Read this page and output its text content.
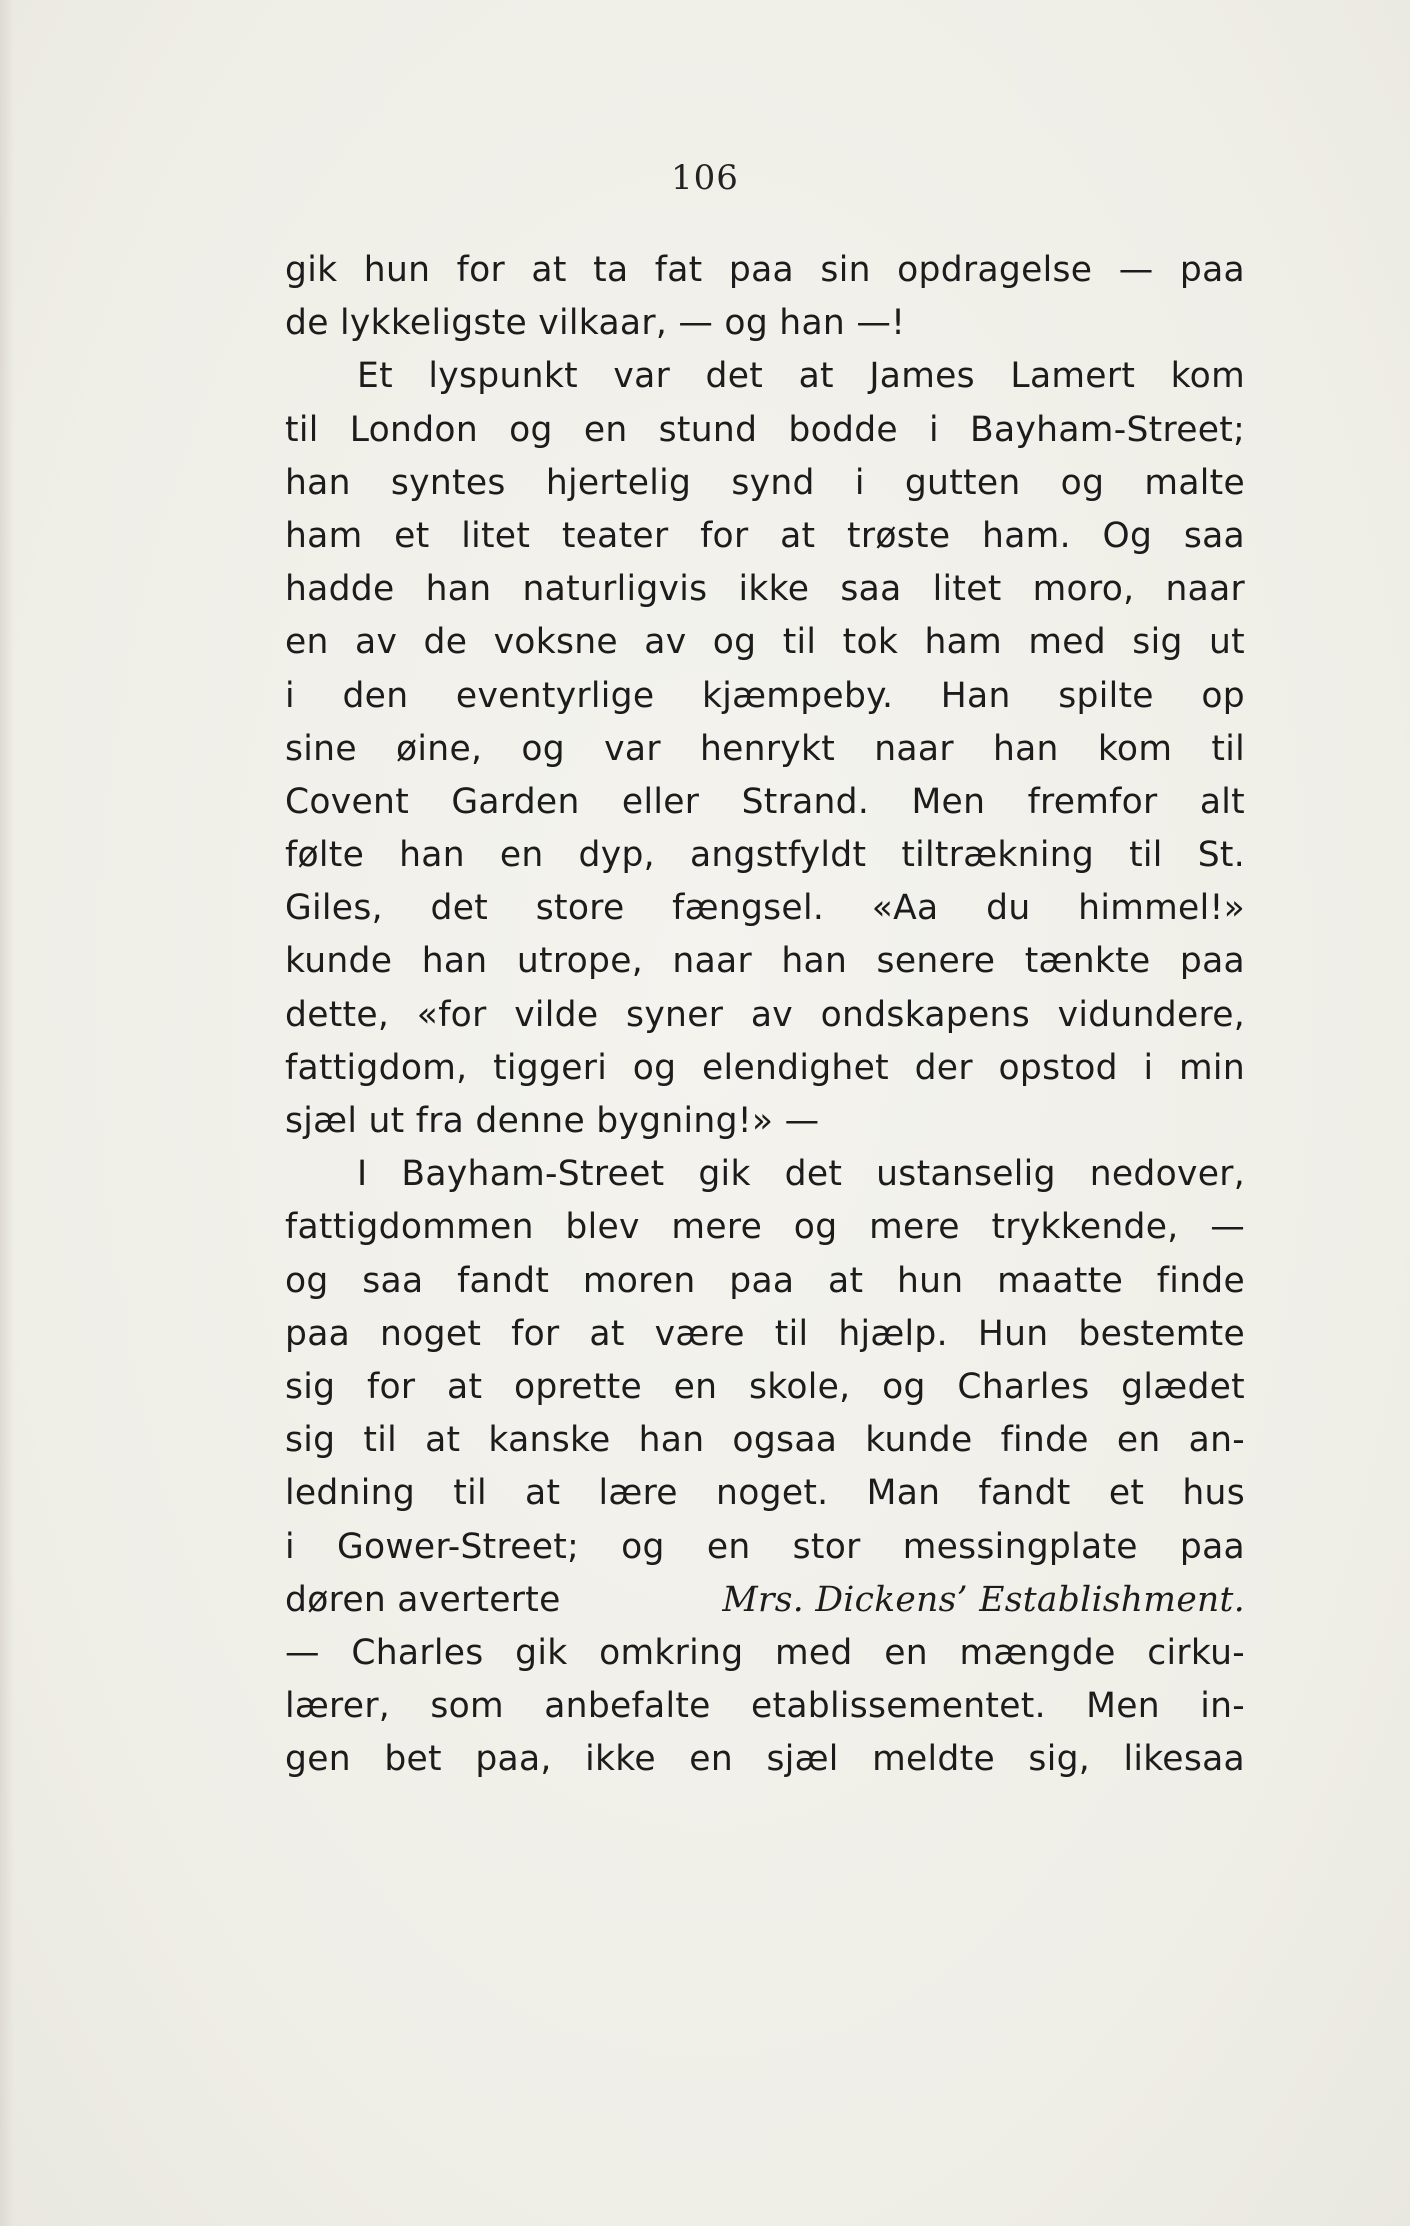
106
gik hun for at ta fat paa sin opdragelse — paa
de lykkeligste vilkaar, — og han —!
Et lyspunkt var det at James Lamert kom
til London og en stund bodde i Bayham-Street;
han syntes hjertelig synd i gutten og malte
ham et litet teater for at trøste ham. Og saa
hadde han naturligvis ikke saa litet moro, naar
en av de voksne av og til tok ham med sig ut
i den eventyrlige kjæmpeby. Han spilte op
sine øine, og var henrykt naar han kom til
Covent Garden eller Strand. Men fremfor alt
følte han en dyp, angstfyldt tiltrækning til St.
Giles, det store fængsel. «Aa du himmel!»
kunde han utrope, naar han senere tænkte paa
dette, «for vilde syner av ondskapens vidundere,
fattigdom, tiggeri og elendighet der opstod i min
sjæl ut fra denne bygning!» —
I Bayham-Street gik det ustanselig nedover,
fattigdommen blev mere og mere trykkende, —
og saa fandt moren paa at hun maatte finde
paa noget for at være til hjælp. Hun bestemte
sig for at oprette en skole, og Charles glædet
sig til at kanske han ogsaa kunde finde en an-
ledning til at lære noget. Man fandt et hus
i Gower-Street; og en stor messingplate paa
døren averterte	Mrs. Dickens’ Establishment.
— Charles gik omkring med en mængde cirku-
lærer, som anbefalte etablissementet. Men in-
gen bet paa, ikke en sjæl meldte sig, likesaa
